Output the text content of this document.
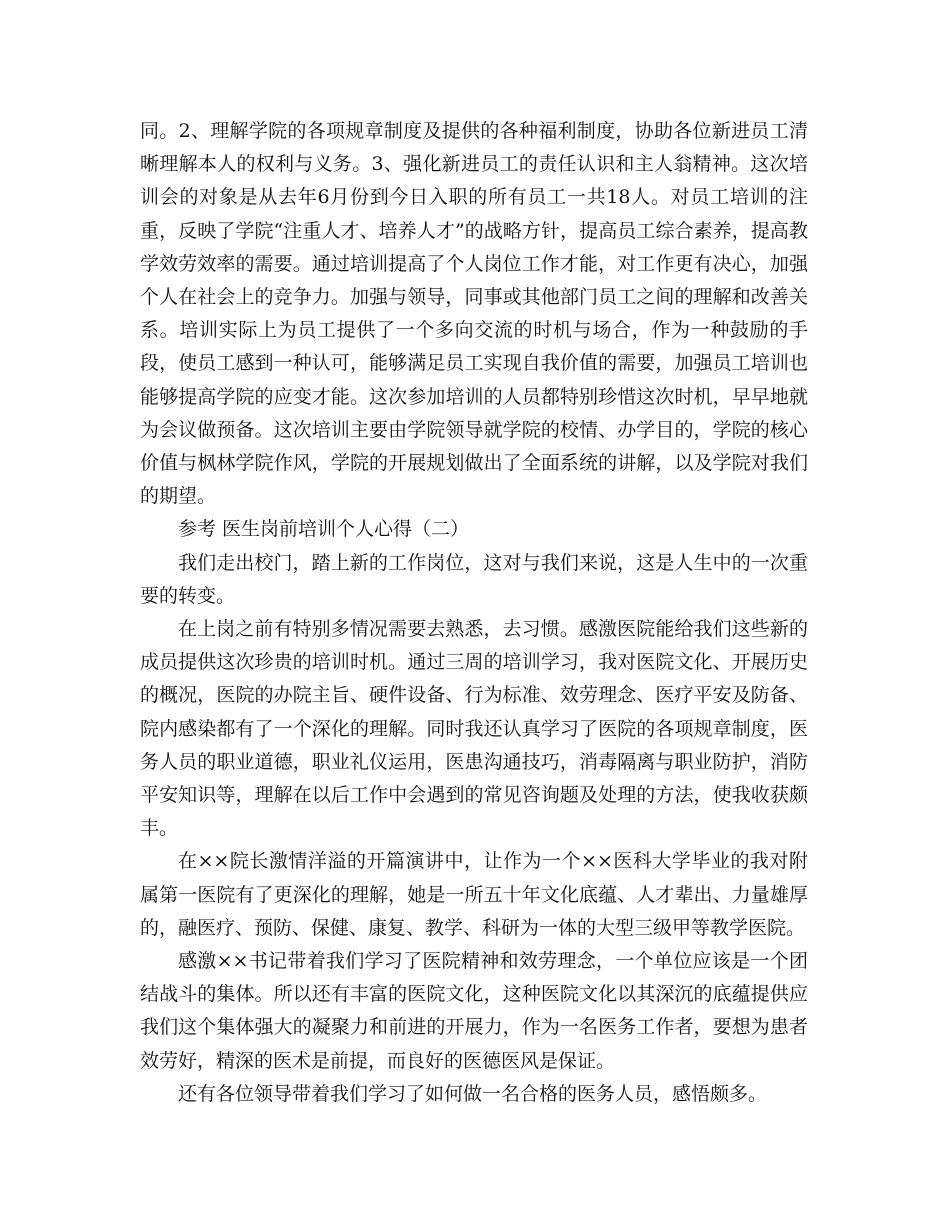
同。2、理解学院的各项规章制度及提供的各种福利制度，协助各位新进员工清晰理解本人的权利与义务。3、强化新进员工的责任认识和主人翁精神。这次培训会的对象是从去年6月份到今日入职的所有员工一共18人。对员工培训的注重，反映了学院“注重人才、培养人才”的战略方针，提高员工综合素养，提高教学效劳效率的需要。通过培训提高了个人岗位工作才能，对工作更有决心，加强个人在社会上的竞争力。加强与领导，同事或其他部门员工之间的理解和改善关系。培训实际上为员工提供了一个多向交流的时机与场合，作为一种鼓励的手段，使员工感到一种认可，能够满足员工实现自我价值的需要，加强员工培训也能够提高学院的应变才能。这次参加培训的人员都特别珍惜这次时机，早早地就为会议做预备。这次培训主要由学院领导就学院的校情、办学目的，学院的核心价值与枫林学院作风，学院的开展规划做出了全面系统的讲解，以及学院对我们的期望。

参考 医生岗前培训个人心得（二）

我们走出校门，踏上新的工作岗位，这对与我们来说，这是人生中的一次重要的转变。

在上岗之前有特别多情况需要去熟悉，去习惯。感激医院能给我们这些新的成员提供这次珍贵的培训时机。通过三周的培训学习，我对医院文化、开展历史的概况，医院的办院主旨、硬件设备、行为标准、效劳理念、医疗平安及防备、院内感染都有了一个深化的理解。同时我还认真学习了医院的各项规章制度，医务人员的职业道德，职业礼仪运用，医患沟通技巧，消毒隔离与职业防护，消防平安知识等，理解在以后工作中会遇到的常见咨询题及处理的方法，使我收获颇丰。

在××院长激情洋溢的开篇演讲中，让作为一个××医科大学毕业的我对附属第一医院有了更深化的理解，她是一所五十年文化底蕴、人才辈出、力量雄厚的，融医疗、预防、保健、康复、教学、科研为一体的大型三级甲等教学医院。

感激××书记带着我们学习了医院精神和效劳理念，一个单位应该是一个团结战斗的集体。所以还有丰富的医院文化，这种医院文化以其深沉的底蕴提供应我们这个集体强大的凝聚力和前进的开展力，作为一名医务工作者，要想为患者效劳好，精深的医术是前提，而良好的医德医风是保证。

还有各位领导带着我们学习了如何做一名合格的医务人员，感悟颇多。
